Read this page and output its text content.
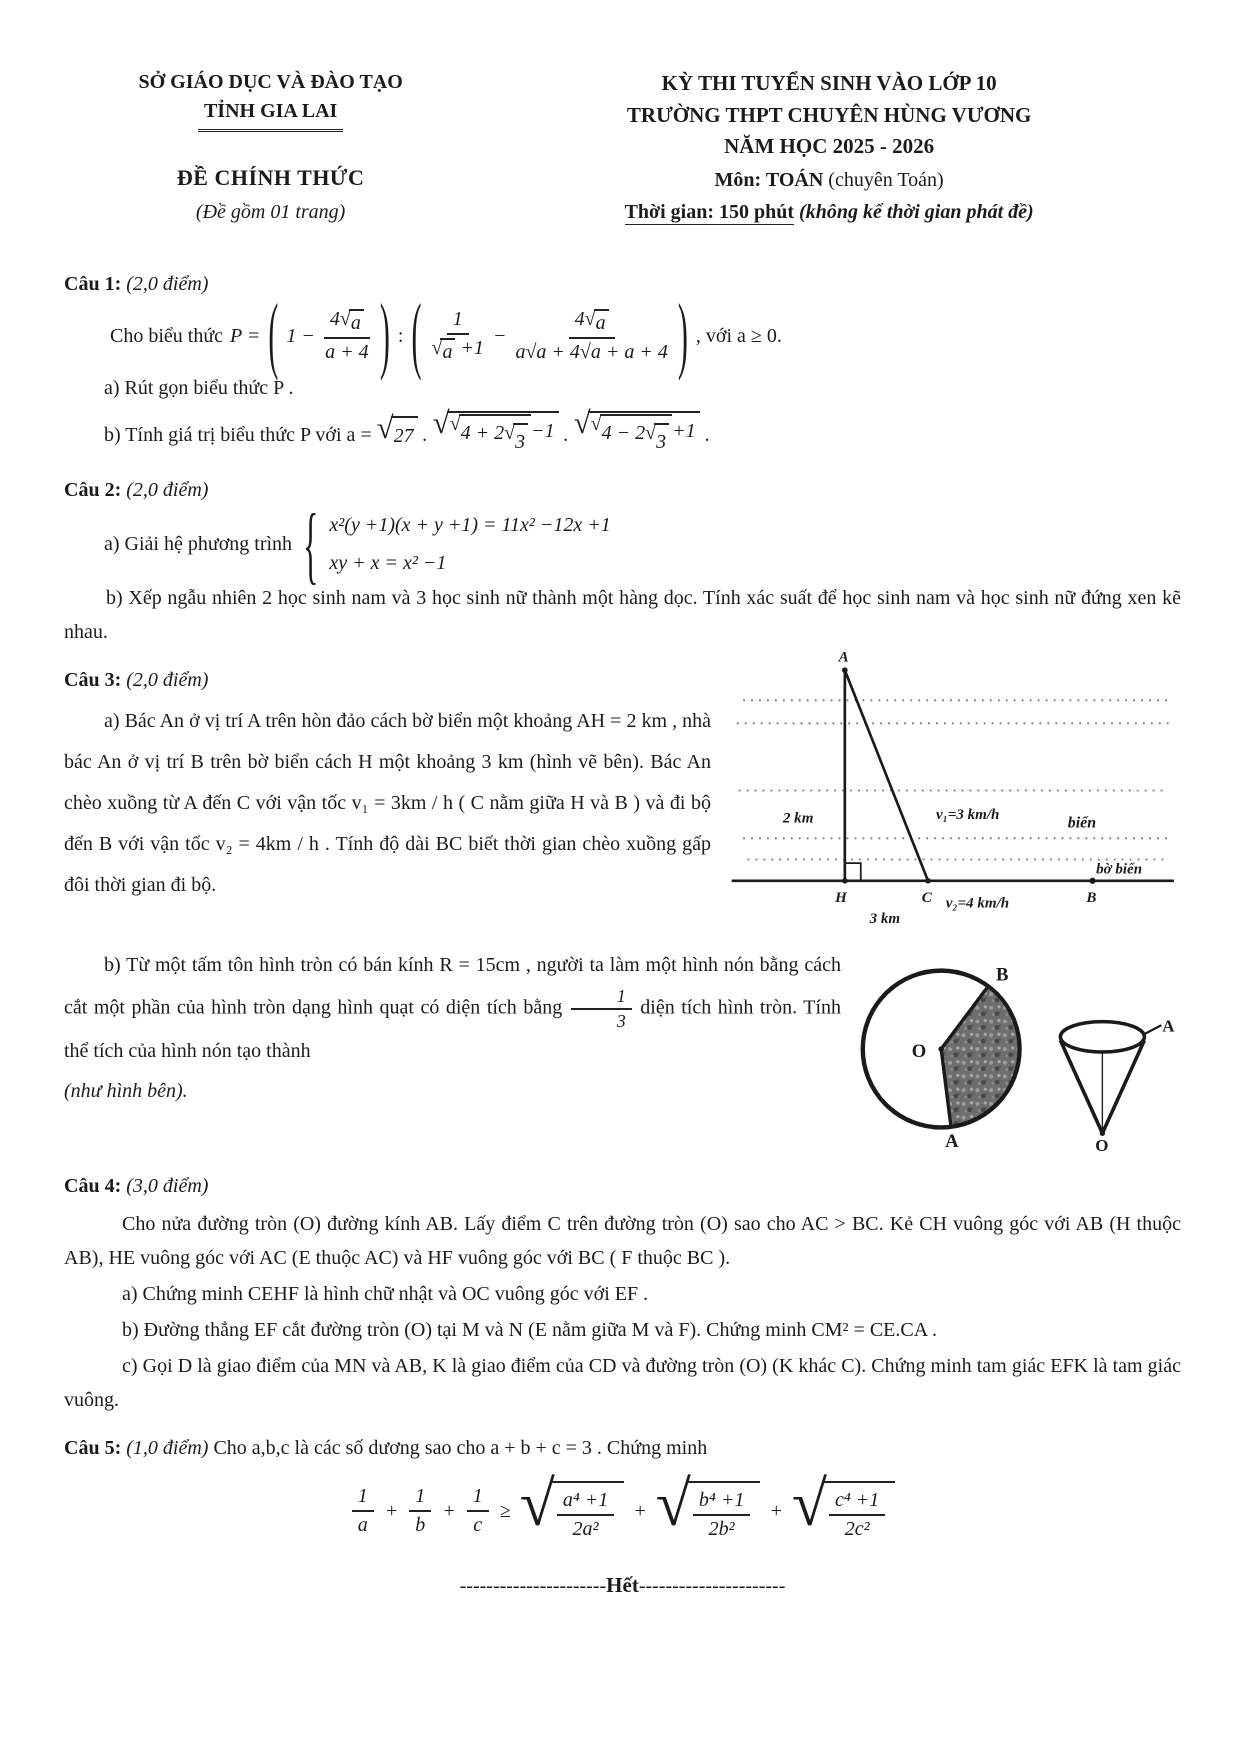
SỞ GIÁO DỤC VÀ ĐÀO TẠO
TỈNH GIA LAI
ĐỀ CHÍNH THỨC
(Đề gồm 01 trang)
KỲ THI TUYỂN SINH VÀO LỚP 10
TRƯỜNG THPT CHUYÊN HÙNG VƯƠNG
NĂM HỌC 2025 - 2026
Môn: TOÁN (chuyên Toán)
Thời gian: 150 phút (không kể thời gian phát đề)

Câu 1: (2,0 điểm)

Cho biểu thức P = ( $1 - \frac{4 √ a}{a + 4}$ ) : ( 1
√ $a +1 - \frac{4 √ a}{a√a + 4√a + a + 4}$ ) , với a ≥ 0.

a) Rút gọn biểu thức P .

b) Tính giá trị biểu thức P với a = √ 27 . √ √ 4 + 2 √ 3 −1 . √ √ 4 − 2 √ 3 +1 .

Câu 2: (2,0 điểm)

a) Giải hệ phương trình { x²(y +1)(x + y +1) = 11x² −12x +1
xy + x = x² −1

b) Xếp ngẫu nhiên 2 học sinh nam và 3 học sinh nữ thành một hàng dọc. Tính xác suất để học sinh nam và học sinh nữ đứng xen kẽ nhau.

A
2 km	v₁=3 km/h	biển
bờ biển
H	C v₂=4 km/h	B
3 km

Câu 3: (2,0 điểm)

a) Bác An ở vị trí A trên hòn đảo cách bờ biển một khoảng AH = 2 km , nhà bác An ở vị trí B trên bờ biển cách H một khoảng 3 km (hình vẽ bên). Bác An chèo xuồng từ A đến C với vận tốc v₁ = 3km / h ( C nằm giữa H và B ) và đi bộ đến B với vận tốc v₂ = 4km / h . Tính độ dài BC biết thời gian chèo xuồng gấp đôi thời gian đi bộ.

O
B
A
A
O

b) Từ một tấm tôn hình tròn có bán kính R = 15cm , người ta làm một hình nón bằng cách cắt một phần của hình tròn dạng hình quạt có diện tích bằng $\frac{1}{3}$ diện tích hình tròn. Tính thể tích của hình nón tạo thành

(như hình bên).

Câu 4: (3,0 điểm)

Cho nửa đường tròn (O) đường kính AB. Lấy điểm C trên đường tròn (O) sao cho AC > BC. Kẻ CH vuông góc với AB (H thuộc AB), HE vuông góc với AC (E thuộc AC) và HF vuông góc với BC ( F thuộc BC ).

a) Chứng minh CEHF là hình chữ nhật và OC vuông góc với EF .

b) Đường thẳng EF cắt đường tròn (O) tại M và N (E nằm giữa M và F). Chứng minh CM² = CE.CA .

c) Gọi D là giao điểm của MN và AB, K là giao điểm của CD và đường tròn (O) (K khác C). Chứng minh tam giác EFK là tam giác vuông.

Câu 5: (1,0 điểm) Cho a,b,c là các số dương sao cho a + b + c = 3 . Chứng minh

$\frac{1}{a} + \frac{1}{b} + \frac{1}{c}$ ≥ √ $\frac{\text{a⁴ +1}}{\text{2a²}}$ + √ $\frac{\text{b⁴ +1}}{\text{2b²}}$ + √ $\frac{\text{c⁴ +1}}{\text{2c²}}$
----------------------Hết----------------------
